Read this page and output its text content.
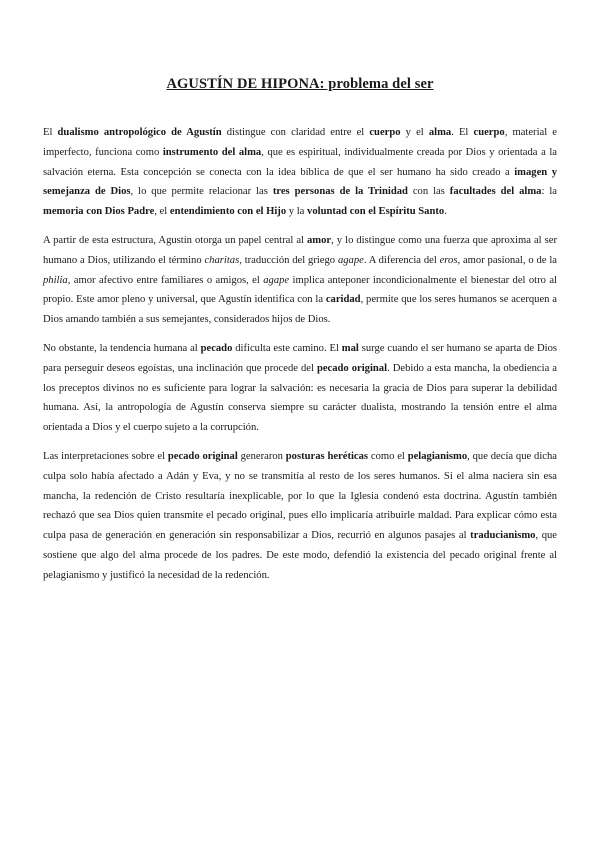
AGUSTÍN DE HIPONA: problema del ser

El dualismo antropológico de Agustín distingue con claridad entre el cuerpo y el alma. El cuerpo, material e imperfecto, funciona como instrumento del alma, que es espiritual, individualmente creada por Dios y orientada a la salvación eterna. Esta concepción se conecta con la idea bíblica de que el ser humano ha sido creado a imagen y semejanza de Dios, lo que permite relacionar las tres personas de la Trinidad con las facultades del alma: la memoria con Dios Padre, el entendimiento con el Hijo y la voluntad con el Espíritu Santo.

A partir de esta estructura, Agustín otorga un papel central al amor, y lo distingue como una fuerza que aproxima al ser humano a Dios, utilizando el término charitas, traducción del griego agape. A diferencia del eros, amor pasional, o de la philia, amor afectivo entre familiares o amigos, el agape implica anteponer incondicionalmente el bienestar del otro al propio. Este amor pleno y universal, que Agustín identifica con la caridad, permite que los seres humanos se acerquen a Dios amando también a sus semejantes, considerados hijos de Dios.

No obstante, la tendencia humana al pecado dificulta este camino. El mal surge cuando el ser humano se aparta de Dios para perseguir deseos egoístas, una inclinación que procede del pecado original. Debido a esta mancha, la obediencia a los preceptos divinos no es suficiente para lograr la salvación: es necesaria la gracia de Dios para superar la debilidad humana. Así, la antropología de Agustín conserva siempre su carácter dualista, mostrando la tensión entre el alma orientada a Dios y el cuerpo sujeto a la corrupción.

Las interpretaciones sobre el pecado original generaron posturas heréticas como el pelagianismo, que decía que dicha culpa solo había afectado a Adán y Eva, y no se transmitía al resto de los seres humanos. Si el alma naciera sin esa mancha, la redención de Cristo resultaría inexplicable, por lo que la Iglesia condenó esta doctrina. Agustín también rechazó que sea Dios quien transmite el pecado original, pues ello implicaría atribuirle maldad. Para explicar cómo esta culpa pasa de generación en generación sin responsabilizar a Dios, recurrió en algunos pasajes al traducianismo, que sostiene que algo del alma procede de los padres. De este modo, defendió la existencia del pecado original frente al pelagianismo y justificó la necesidad de la redención.
